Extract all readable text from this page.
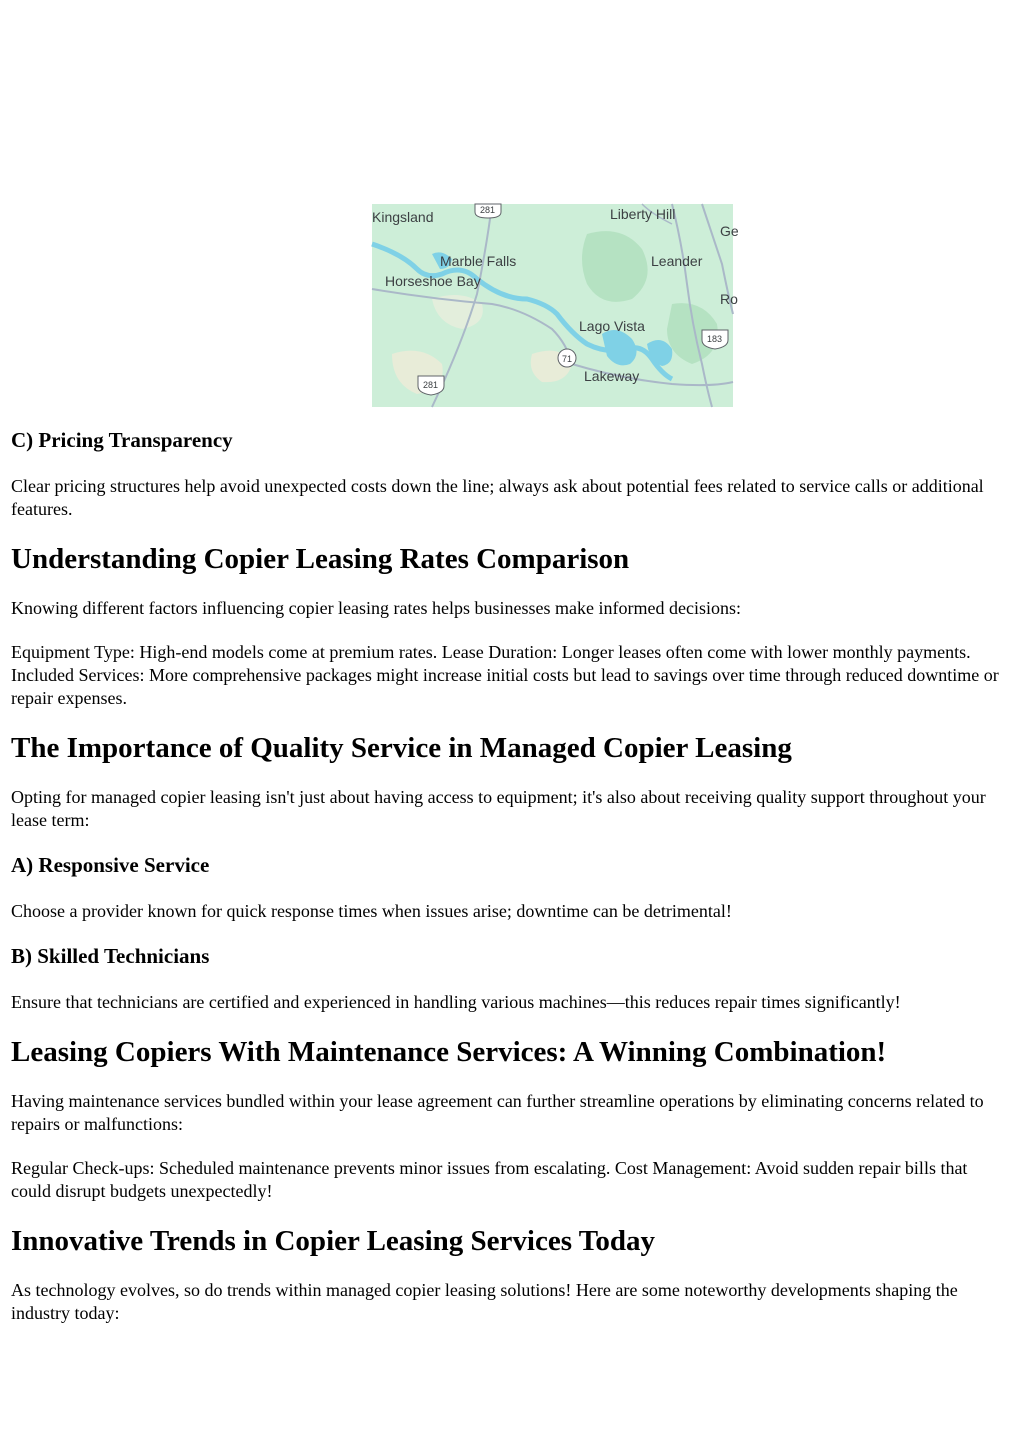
Kingsland	Liberty Hill
Ge
Marble Falls	Leander
Horseshoe Bay
Ro
Lago Vista
Lakeway
281
183
71
281
C) Pricing Transparency

Clear pricing structures help avoid unexpected costs down the line; always ask about potential fees related to service calls or additional features.

Understanding Copier Leasing Rates Comparison

Knowing different factors influencing copier leasing rates helps businesses make informed decisions:

Equipment Type: High-end models come at premium rates. Lease Duration: Longer leases often come with lower monthly payments. Included Services: More comprehensive packages might increase initial costs but lead to savings over time through reduced downtime or repair expenses.

The Importance of Quality Service in Managed Copier Leasing

Opting for managed copier leasing isn't just about having access to equipment; it's also about receiving quality support throughout your lease term:

A) Responsive Service

Choose a provider known for quick response times when issues arise; downtime can be detrimental!

B) Skilled Technicians

Ensure that technicians are certified and experienced in handling various machines—this reduces repair times significantly!

Leasing Copiers With Maintenance Services: A Winning Combination!

Having maintenance services bundled within your lease agreement can further streamline operations by eliminating concerns related to repairs or malfunctions:

Regular Check-ups: Scheduled maintenance prevents minor issues from escalating. Cost Management: Avoid sudden repair bills that could disrupt budgets unexpectedly!

Innovative Trends in Copier Leasing Services Today

As technology evolves, so do trends within managed copier leasing solutions! Here are some noteworthy developments shaping the industry today:
